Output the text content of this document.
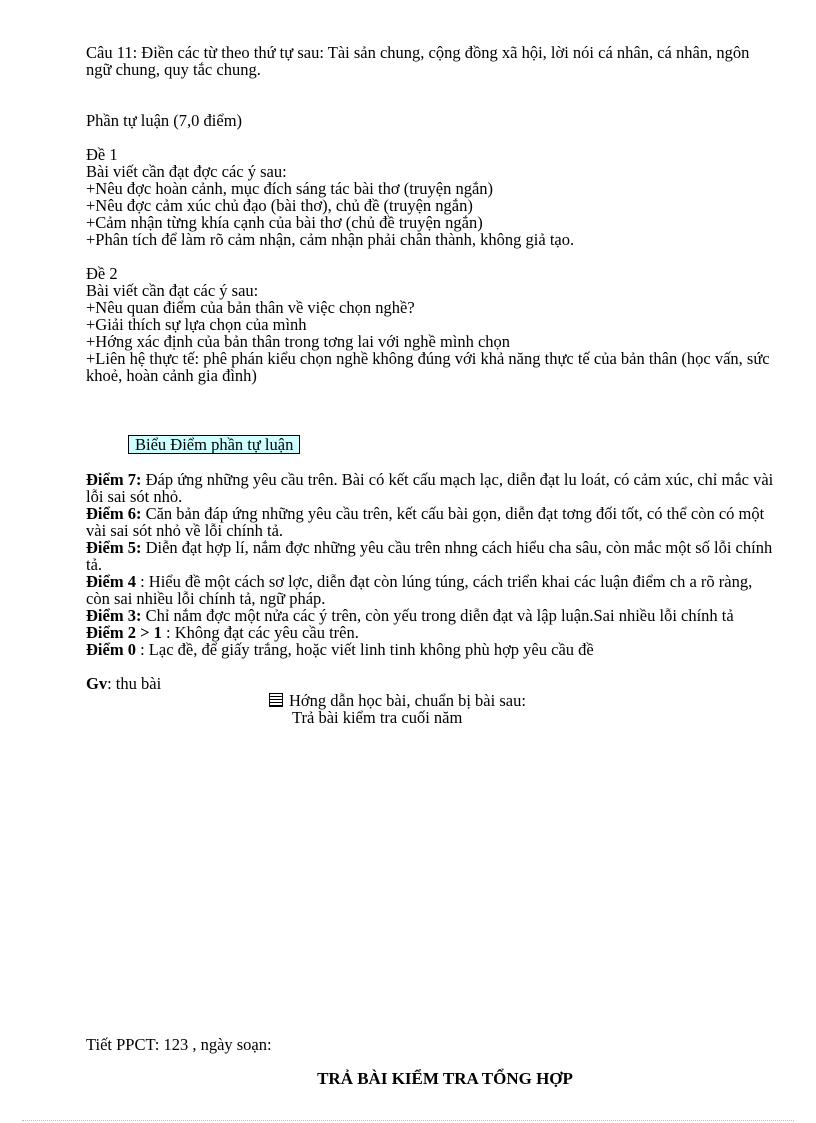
Câu 11: Điền các từ theo thứ tự sau: Tài sản chung, cộng đồng xã hội, lời nói cá nhân, cá nhân, ngôn ngữ chung, quy tắc chung.

Phần tự luận (7,0 điểm)

Đề 1

Bài viết cần đạt đợc các ý sau:

+Nêu đợc hoàn cảnh, mục đích sáng tác bài thơ (truyện ngắn)

+Nêu đợc cảm xúc chủ đạo (bài thơ), chủ đề (truyện ngắn)

+Cảm nhận từng khía cạnh của bài thơ (chủ đề truyện ngắn)

+Phân tích để làm rõ cảm nhận, cảm nhận phải chân thành, không giả tạo.

Đề 2

Bài viết cần đạt các ý sau:

+Nêu quan điểm của bản thân về việc chọn nghề?

+Giải thích sự lựa chọn của mình

+Hớng xác định của bản thân trong tơng lai với nghề mình chọn

+Liên hệ thực tế: phê phán kiểu chọn nghề không đúng với khả năng thực tế của bản thân (học vấn, sức khoẻ, hoàn cảnh gia đình)

Biểu Điểm phần tự luận

Điểm 7: Đáp ứng những yêu cầu trên. Bài có kết cấu mạch lạc, diễn đạt lu loát, có cảm xúc, chỉ mắc vài lỗi sai sót nhỏ.

Điểm 6: Căn bản đáp ứng những yêu cầu trên, kết cấu bài gọn, diễn đạt tơng đối tốt, có thể còn có một vài sai sót nhỏ về lỗi chính tả.

Điểm 5: Diễn đạt hợp lí, nắm đợc những yêu cầu trên nhng cách hiểu cha sâu, còn mắc một số lỗi chính tả.

Điểm 4 : Hiểu đề một cách sơ lợc, diễn đạt còn lúng túng, cách triển khai các luận điểm ch a rõ ràng, còn sai nhiều lỗi chính tả, ngữ pháp.

Điểm 3: Chỉ nắm đợc một nửa các ý trên, còn yếu trong diễn đạt và lập luận.Sai nhiều lỗi chính tả

Điểm 2 > 1 : Không đạt các yêu cầu trên.

Điểm 0 : Lạc đề, để giấy trắng, hoặc viết linh tinh không phù hợp yêu cầu đề

Gv: thu bài

Hớng dẫn học bài, chuẩn bị bài sau:

Trả bài kiểm tra cuối năm

Tiết PPCT: 123 , ngày soạn:

TRẢ BÀI KIỂM TRA TỔNG HỢP
